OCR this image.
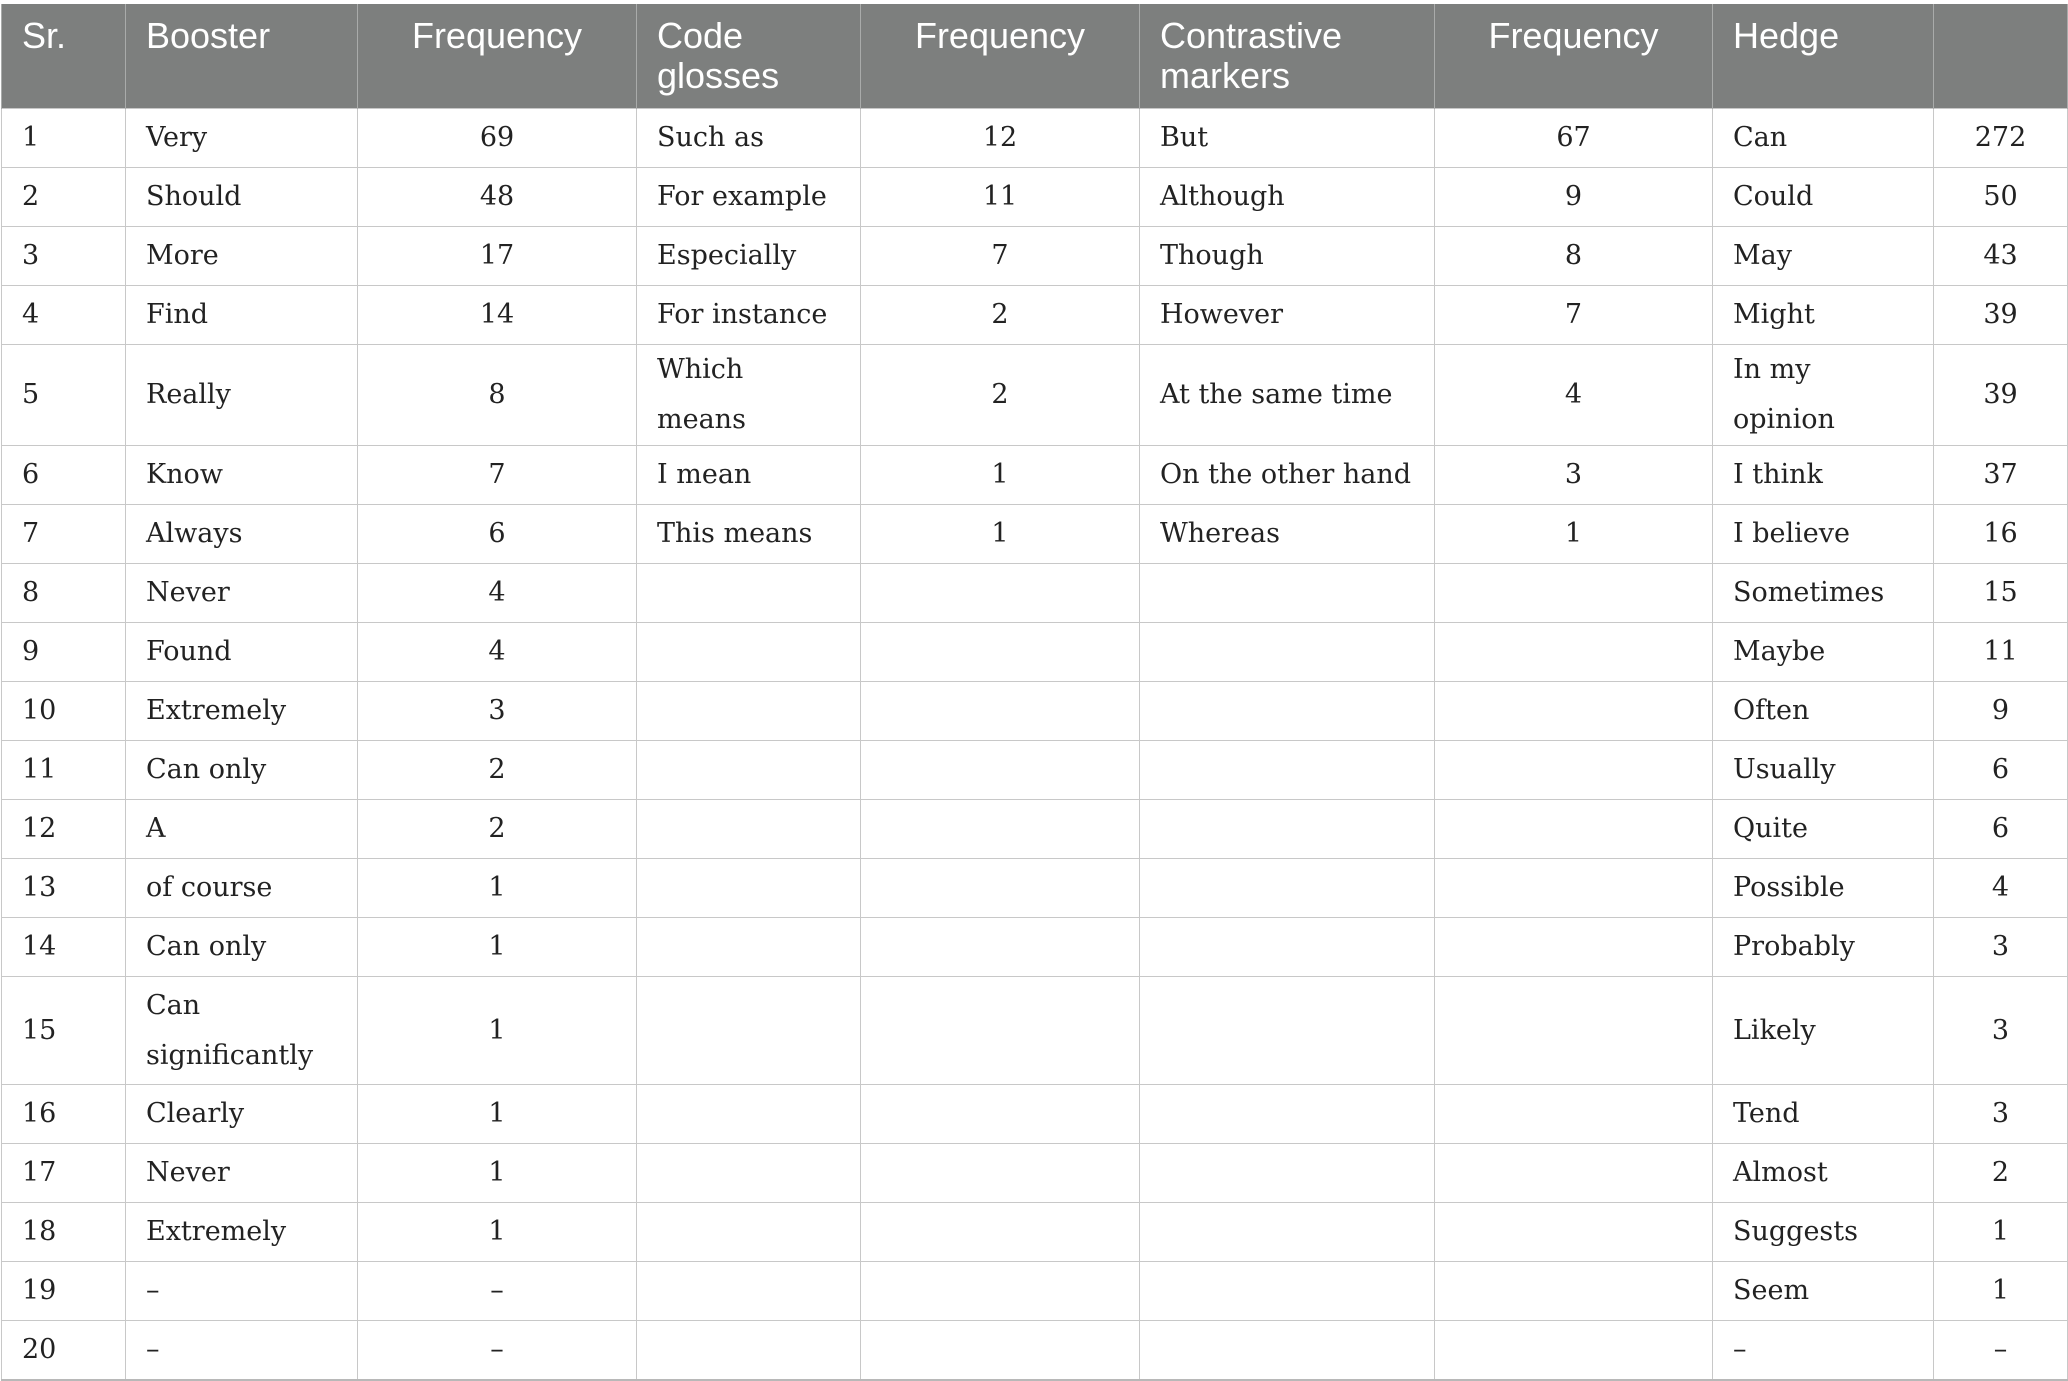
Sr.	Booster	Frequency	Code glosses	Frequency	Contrastive markers	Frequency	Hedge	
1	Very	69	Such as	12	But	67	Can	272
2	Should	48	For example	11	Although	9	Could	50
3	More	17	Especially	7	Though	8	May	43
4	Find	14	For instance	2	However	7	Might	39
5	Really	8	Which means	2	At the same time	4	In my opinion	39
6	Know	7	I mean	1	On the other hand	3	I think	37
7	Always	6	This means	1	Whereas	1	I believe	16
8	Never	4					Sometimes	15
9	Found	4					Maybe	11
10	Extremely	3					Often	9
11	Can only	2					Usually	6
12	A	2					Quite	6
13	of course	1					Possible	4
14	Can only	1					Probably	3
15	Can significantly	1					Likely	3
16	Clearly	1					Tend	3
17	Never	1					Almost	2
18	Extremely	1					Suggests	1
19	–	–					Seem	1
20	–	–					–	–
